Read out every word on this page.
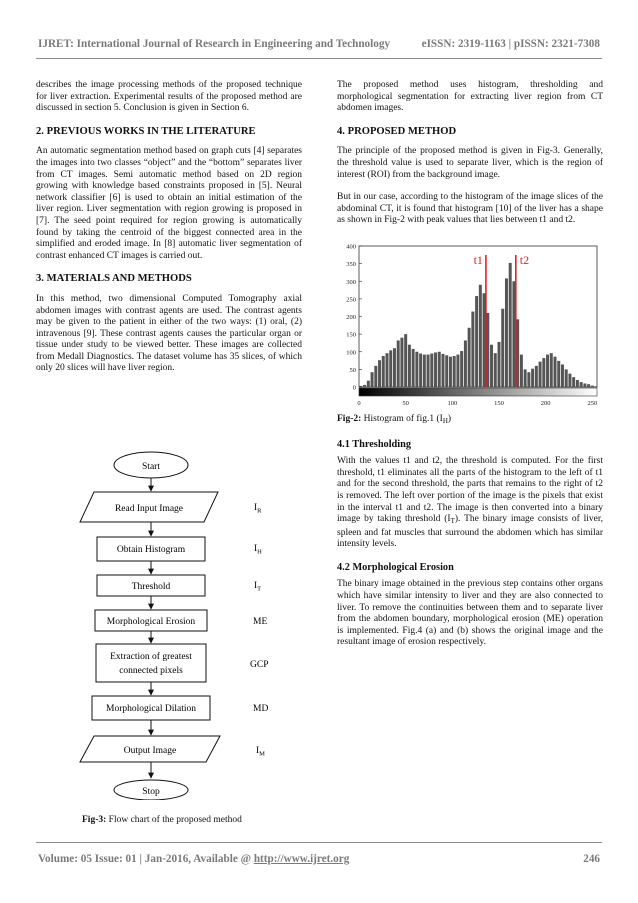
IJRET: International Journal of Research in Engineering and Technology	eISSN: 2319-1163 | pISSN: 2321-7308

describes the image processing methods of the proposed technique for liver extraction. Experimental results of the proposed method are discussed in section 5. Conclusion is given in Section 6.

2. PREVIOUS WORKS IN THE LITERATURE

An automatic segmentation method based on graph cuts [4] separates the images into two classes “object” and the “bottom” separates liver from CT images. Semi automatic method based on 2D region growing with knowledge based constraints proposed in [5]. Neural network classifier [6] is used to obtain an initial estimation of the liver region. Liver segmentation with region growing is proposed in [7]. The seed point required for region growing is automatically found by taking the centroid of the biggest connected area in the simplified and eroded image. In [8] automatic liver segmentation of contrast enhanced CT images is carried out.

3. MATERIALS AND METHODS

In this method, two dimensional Computed Tomography axial abdomen images with contrast agents are used. The contrast agents may be given to the patient in either of the two ways: (1) oral, (2) intravenous [9]. These contrast agents causes the particular organ or tissue under study to be viewed better. These images are collected from Medall Diagnostics. The dataset volume has 35 slices, of which only 20 slices will have liver region.

Start
Read Input Image
Obtain Histogram
Threshold
Morphological Erosion
Extraction of greatest
connected pixels
Morphological Dilation
Output Image
Stop
$I_R$
$I_H$
$I_T$
ME
GCP
MD
$I_M$
Fig-3: Flow chart of the proposed method

The proposed method uses histogram, thresholding and morphological segmentation for extracting liver region from CT abdomen images.

4. PROPOSED METHOD

The principle of the proposed method is given in Fig-3. Generally, the threshold value is used to separate liver, which is the region of interest (ROI) from the background image.

But in our case, according to the histogram of the image slices of the abdominal CT, it is found that histogram [10] of the liver has a shape as shown in Fig-2 with peak values that lies between t1 and t2.

0
50
100
150
200
250
300
350
400
0	50	100	150	200	250
t1	t2

Fig-2: Histogram of fig.1 $(I_H)$

4.1 Thresholding

With the values t1 and t2, the threshold is computed. For the first threshold, t1 eliminates all the parts of the histogram to the left of t1 and for the second threshold, the parts that remains to the right of t2 is removed. The left over portion of the image is the pixels that exist in the interval t1 and t2. The image is then converted into a binary image by taking threshold $(I_T)$. The binary image consists of liver, spleen and fat muscles that surround the abdomen which has similar intensity levels.

4.2 Morphological Erosion

The binary image obtained in the previous step contains other organs which have similar intensity to liver and they are also connected to liver. To remove the continuities between them and to separate liver from the abdomen boundary, morphological erosion (ME) operation is implemented. Fig.4 (a) and (b) shows the original image and the resultant image of erosion respectively.

Volume: 05 Issue: 01 | Jan-2016, Available @ http://www.ijret.org	246
